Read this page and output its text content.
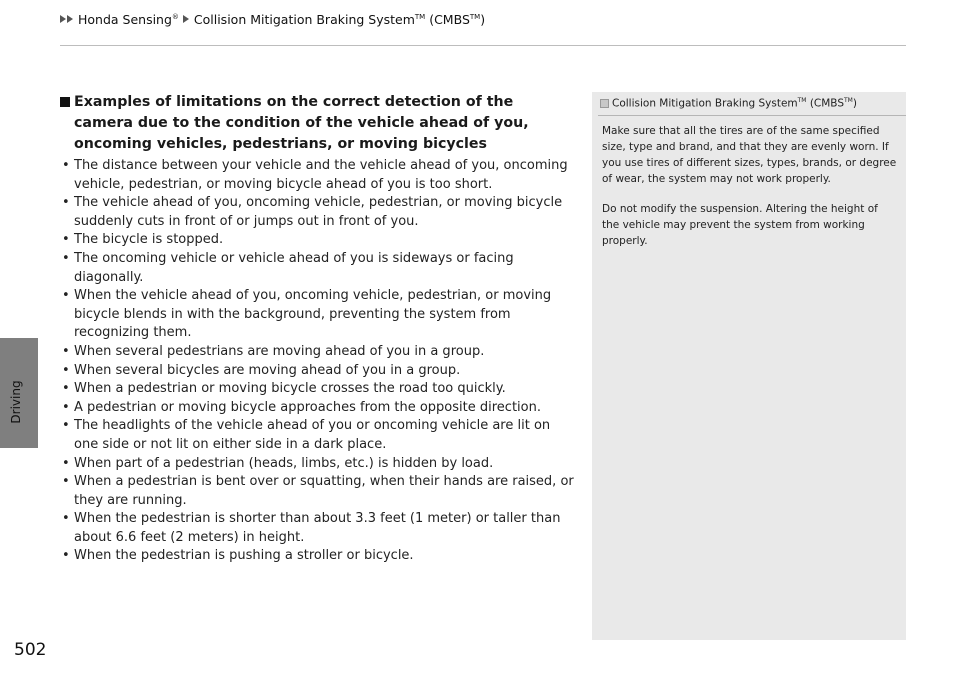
Honda Sensing® Collision Mitigation Braking System™ (CMBS™)
Driving
502
Examples of limitations on the correct detection of the camera due to the condition of the vehicle ahead of you, oncoming vehicles, pedestrians, or moving bicycles
• The distance between your vehicle and the vehicle ahead of you, oncoming vehicle, pedestrian, or moving bicycle ahead of you is too short.
• The vehicle ahead of you, oncoming vehicle, pedestrian, or moving bicycle suddenly cuts in front of or jumps out in front of you.
• The bicycle is stopped.
• The oncoming vehicle or vehicle ahead of you is sideways or facing diagonally.
• When the vehicle ahead of you, oncoming vehicle, pedestrian, or moving bicycle blends in with the background, preventing the system from recognizing them.
• When several pedestrians are moving ahead of you in a group.
• When several bicycles are moving ahead of you in a group.
• When a pedestrian or moving bicycle crosses the road too quickly.
• A pedestrian or moving bicycle approaches from the opposite direction.
• The headlights of the vehicle ahead of you or oncoming vehicle are lit on one side or not lit on either side in a dark place.
• When part of a pedestrian (heads, limbs, etc.) is hidden by load.
• When a pedestrian is bent over or squatting, when their hands are raised, or they are running.
• When the pedestrian is shorter than about 3.3 feet (1 meter) or taller than about 6.6 feet (2 meters) in height.
• When the pedestrian is pushing a stroller or bicycle.
Collision Mitigation Braking System™ (CMBS™)

Make sure that all the tires are of the same specified size, type and brand, and that they are evenly worn. If you use tires of different sizes, types, brands, or degree of wear, the system may not work properly.

Do not modify the suspension. Altering the height of the vehicle may prevent the system from working properly.
